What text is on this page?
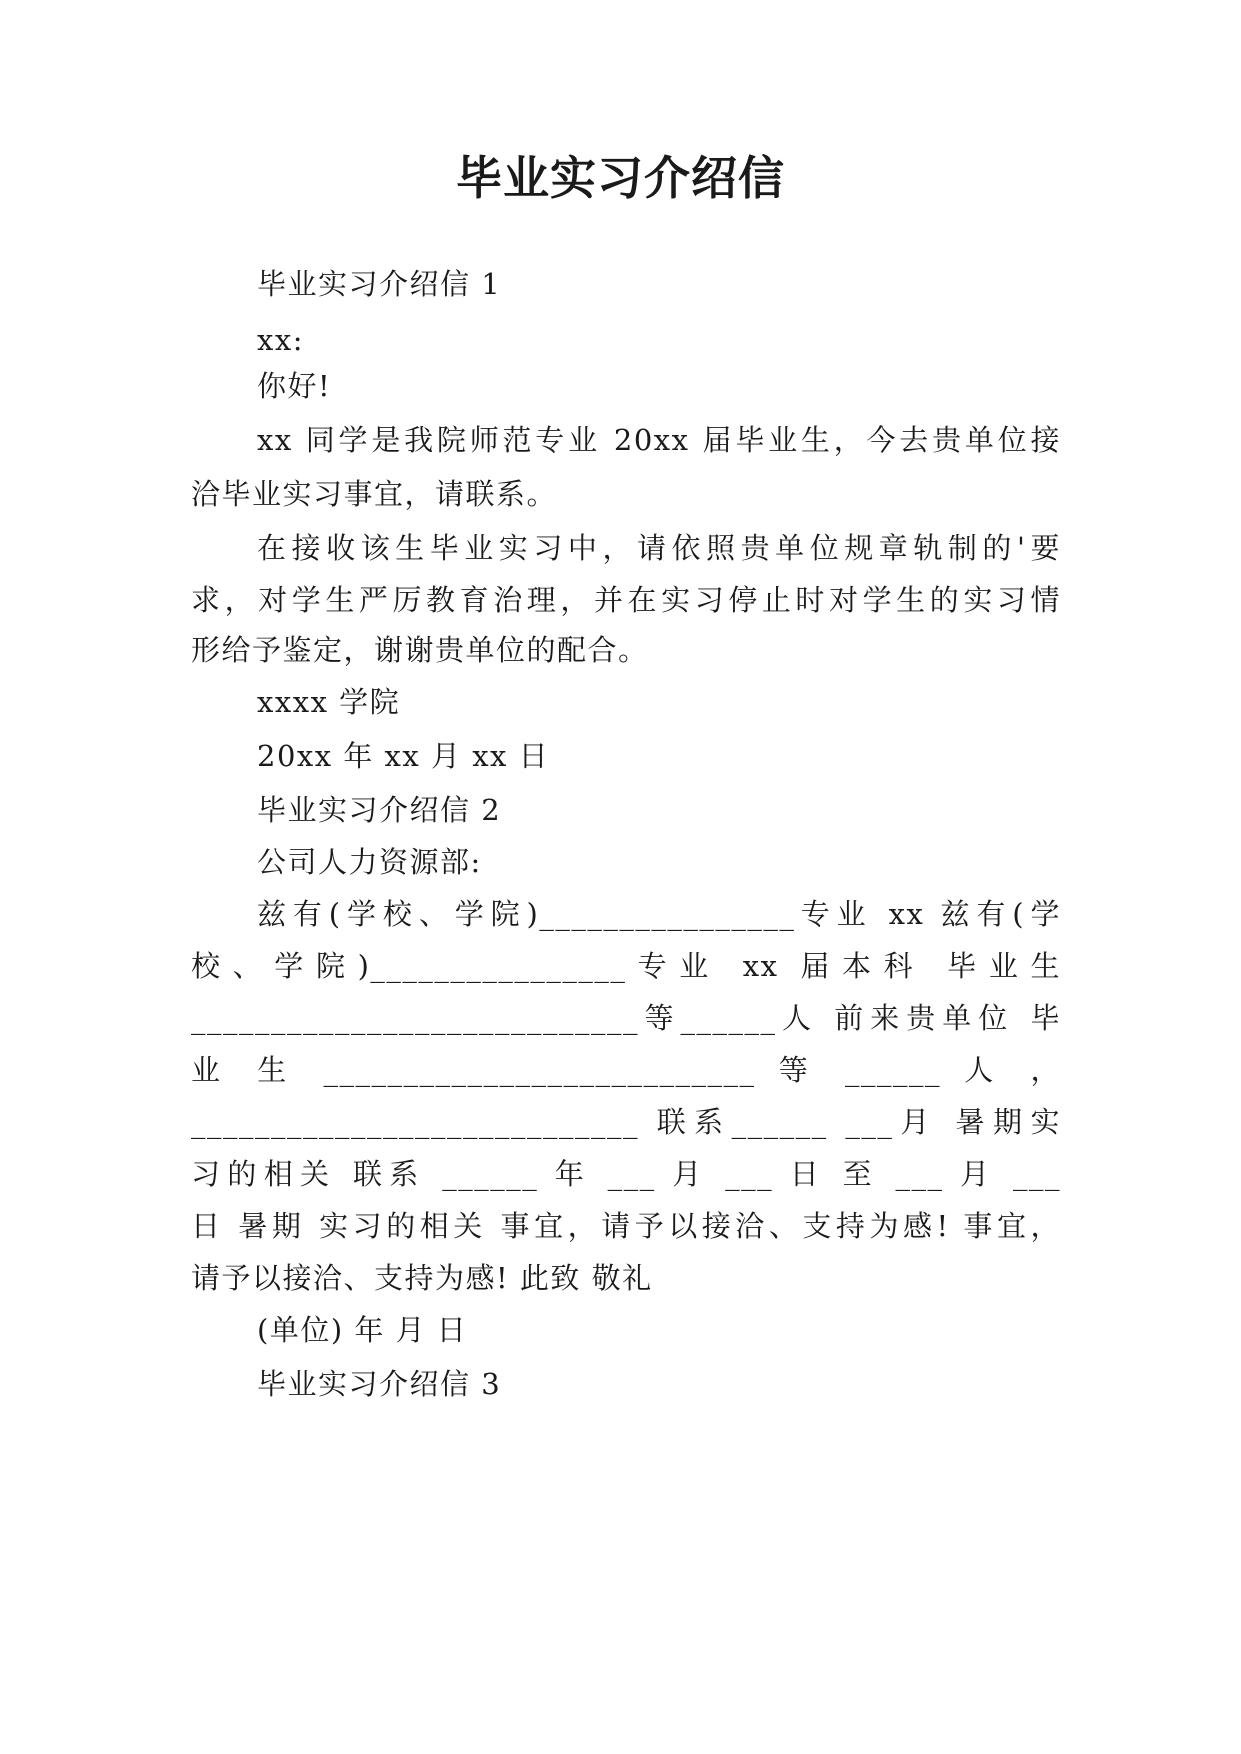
毕业实习介绍信
毕业实习介绍信 1
xx:
你好!
xx 同学是我院师范专业 20xx 届毕业生，今去贵单位接
洽毕业实习事宜，请联系。
在接收该生毕业实习中，请依照贵单位规章轨制的'要
求，对学生严厉教育治理，并在实习停止时对学生的实习情
形给予鉴定，谢谢贵单位的配合。
xxxx 学院
20xx 年 xx 月 xx 日
毕业实习介绍信 2
公司人力资源部:
兹有(学校、学院)________________专业 xx 兹有(学
校、学院)________________专业 xx 届本科 毕业生
____________________________等______人 前来贵单位 毕
业 生 ___________________________ 等 ______ 人 ，
____________________________ 联系______ ___月 暑期实
习的相关 联系 ______ 年 ___ 月 ___ 日 至 ___ 月 ___
日 暑期 实习的相关 事宜，请予以接洽、支持为感! 事宜，
请予以接洽、支持为感! 此致 敬礼
(单位) 年 月 日
毕业实习介绍信 3
